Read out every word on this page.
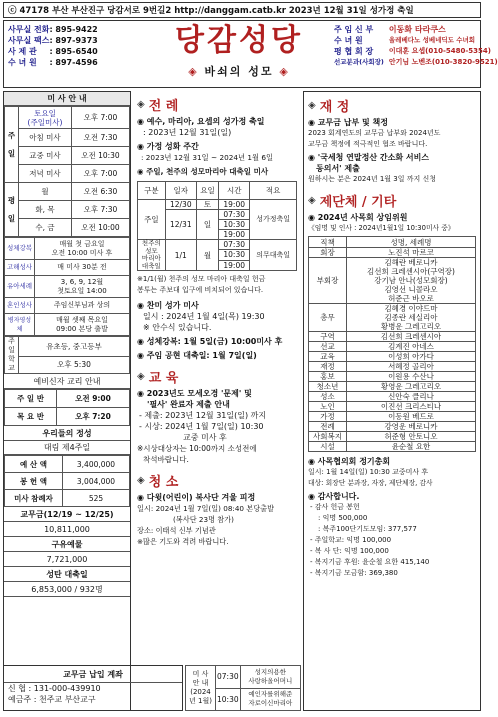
ⓒ 47178 부산 부산진구 당감서로 9번길2 http://danggam.catb.kr 2023년 12월 31일 성가정 축일
사무실 전화	: 895-9422
사무실 팩스	: 897-9373
사 제 관	: 895-6540
수 녀 원	: 897-4596
당감성당
◈ 바쇠의 성모 ◈
주 임 신 부	이동화 타라쿠스
수 녀 원	올레베다노 성베네딕도 수녀회
평 협 회 장	이대훈 요셉(010-5480-5354)
선교분과(사회장)	안기님 노벤조(010-3820-9521)
미 사 안 내
주

일	토요일
(주일미사)	오후 7:00
	아침 미사	오전 7:30
	교중 미사	오전 10:30
	저녁 미사	오후 7:00
평

일	월	오전 6:30
	화, 목	오후 7:30
	수, 금	오전 10:00
성체강복	매월 첫 금요일
오전 10:00 미사 후
고해성사	매 미사 30분 전
유아세례	3, 6, 9, 12월
첫토요일 14:00
혼인성사	주임신부님과 상의
병자영성체	매월 셋째 목요일
09:00 본당 출발
주일
학교	유초등, 중고등부
오후 5:30
예비신자 교리 안내
주 일 반	오전 9:00
목 요 반	오후 7:20
우리들의 정성
대림 제4주일
예 산 액	3,400,000
봉 헌 액	3,004,000
미사 참례자	525
교무금(12/19 ~ 12/25)
10,811,000
구유예물
7,721,000
성탄 대축일
6,853,000 / 932명
교무금 납입 계좌
신 협 : 131-000-439910
예금주 : 천주교 부산교구
◈ 전 례
◉ 예수, 마리아, 요셉의 성가정 축일
: 2023년 12월 31일(일)
◉ 가정 성화 주간
: 2023년 12월 31일 ~ 2024년 1월 6일
◉ 주일, 천주의 성모마리아 대축일 미사
구분	일자	요일	시간	적요
주일	12/30	토	19:00	성가정축일
	12/31	일	07:30	
			10:30	
			19:00	
천주의
성모
마리아
대축일	1/1	월	07:30	의무대축일
			10:30	
			19:00	
※1/1(월) 천주의 성모 마리아 대축일 헌금
봉투는 주보대 입구에 비치되어 있습니다.
◉ 찬미 성가 미사
일시 : 2024년 1월 4일(목) 19:30
※ 안수식 있습니다.
◉ 성체강복: 1월 5일(금) 10:00미사 후
◉ 주임 공현 대축일: 1월 7일(일)
◈ 교 육
◉ 2023년도 모세오경 '문제' 및
'필사' 완료자 제출 안내
- 제출: 2023년 12월 31일(일) 까지
- 시상: 2024년 1월 7일(일) 10:30
교중 미사 후
※시상대상자는 10:00까지 소성전에
착석바랍니다.
◈ 청 소
◉ 다윗(어린이) 복사단 겨울 피정
일시: 2024년 1월 7일(일) 08:40 본당출발
(복사단 23명 참가)
장소: 이태석 신부 기념관
※많은 기도와 격려 바랍니다.
미 사
안 내
(2024년 1월)	07:30	성지의용한
사랑하올어머니
	10:30	예인자를위해준
자로이신마리아
◈ 재 정
◉ 교무금 납부 및 책정
2023 회계연도의 교무금 납부와 2024년도
교무금 책정에 적극적인 협조 바랍니다.
◉ '국세청 연말정산 간소화 서비스
동의서' 제출
원하시는 분은 2024년 1월 3일 까지 신청
◈ 제단체 / 기타
◉ 2024년 사목회 상임위원
《임명 및 인사 : 2024년1월1일 10:30미사 중》
직책	성명, 세례명
회장	노진석 마르코
부회장	김해란 베로니카
김선희 크레센시아(구역장)
강기남 안나(성모회장)
김영선 니콜라오
허준근 바오로
총무	김혜경 이야드마
김종란 세실리아
황병운 그레고리오
구역	김선희 크레센시아
선교	김계진 아네스
교육	이성희 아가다
재정	서혜정 골리아
홍보	이원용 수산나
청소년	황영운 그레고리오
성소	신안숙 클리나
노인	이진선 크리스티나
가정	이동원 베드로
전례	강영운 베로니카
사회복지	허준형 안토니오
시설	윤순철 요한
◉ 사목협의회 정기총회
일시: 1월 14일(일) 10:30 교중미사 후
대상: 회장단 분과장, 자장, 제단체장, 감사
◉ 감사합니다.
- 감사 헌금 봉헌
: 익명 500,000
: 복주100단기도모임: 377,577
- 주일학교: 익명 100,000
- 복 사 단: 익명 100,000
- 복지기금 후원: 윤순철 요한 415,140
- 복지기금 모금함: 369,380
